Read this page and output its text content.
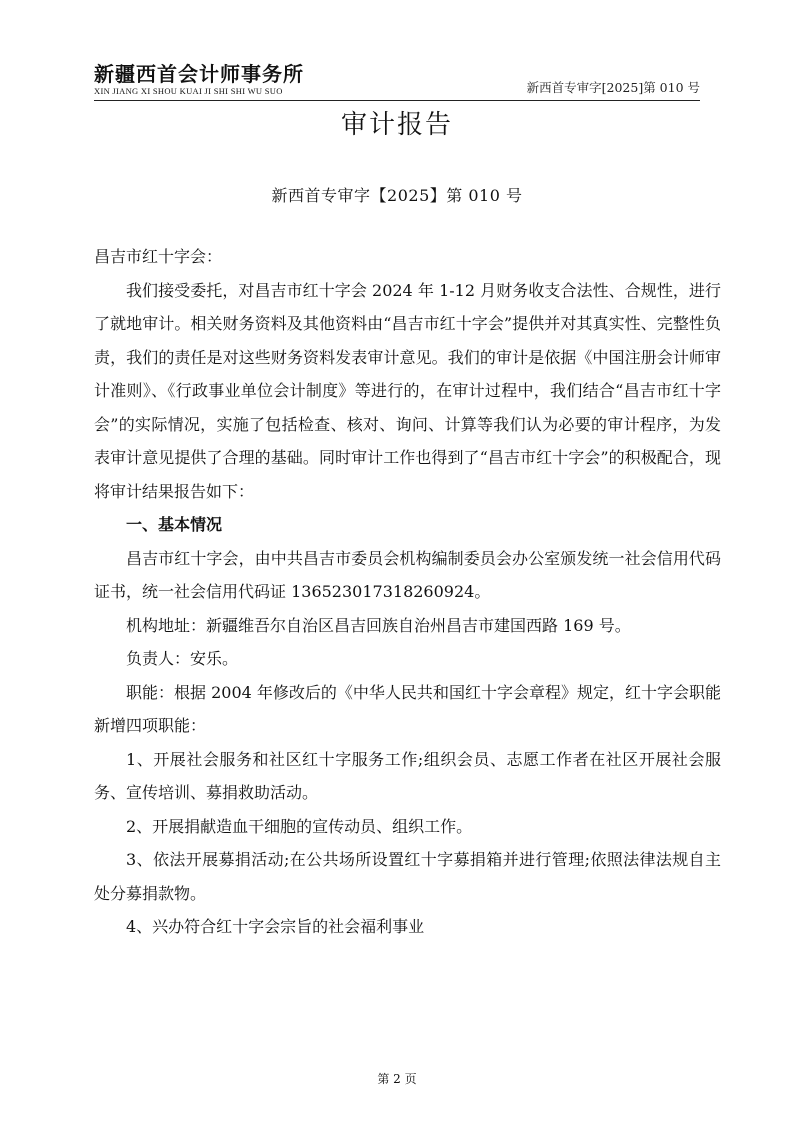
新疆西首会计师事务所
XIN JIANG XI SHOU KUAI JI SHI SHI WU SUO	新西首专审字[2025]第 010 号
审计报告
新西首专审字【2025】第 010 号

昌吉市红十字会：

我们接受委托，对昌吉市红十字会 2024 年 1-12 月财务收支合法性、合规性，进行了就地审计。相关财务资料及其他资料由“昌吉市红十字会”提供并对其真实性、完整性负责，我们的责任是对这些财务资料发表审计意见。我们的审计是依据《中国注册会计师审计准则》、《行政事业单位会计制度》等进行的，在审计过程中，我们结合“昌吉市红十字会”的实际情况，实施了包括检查、核对、询问、计算等我们认为必要的审计程序，为发表审计意见提供了合理的基础。同时审计工作也得到了“昌吉市红十字会”的积极配合，现将审计结果报告如下：

一、基本情况

昌吉市红十字会，由中共昌吉市委员会机构编制委员会办公室颁发统一社会信用代码证书，统一社会信用代码证 13652301731826092​4。

机构地址：新疆维吾尔自治区昌吉回族自治州昌吉市建国西路 169 号。

负责人：安乐。

职能：根据 2004 年修改后的《中华人民共和国红十字会章程》规定，红十字会职能新增四项职能：

1、开展社会服务和社区红十字服务工作;组织会员、志愿工作者在社区开展社会服务、宣传培训、募捐救助活动。

2、开展捐献造血干细胞的宣传动员、组织工作。

3、依法开展募捐活动;在公共场所设置红十字募捐箱并进行管理;依照法律法规自主处分募捐款物。

4、兴办符合红十字会宗旨的社会福利事业

第 2 页
